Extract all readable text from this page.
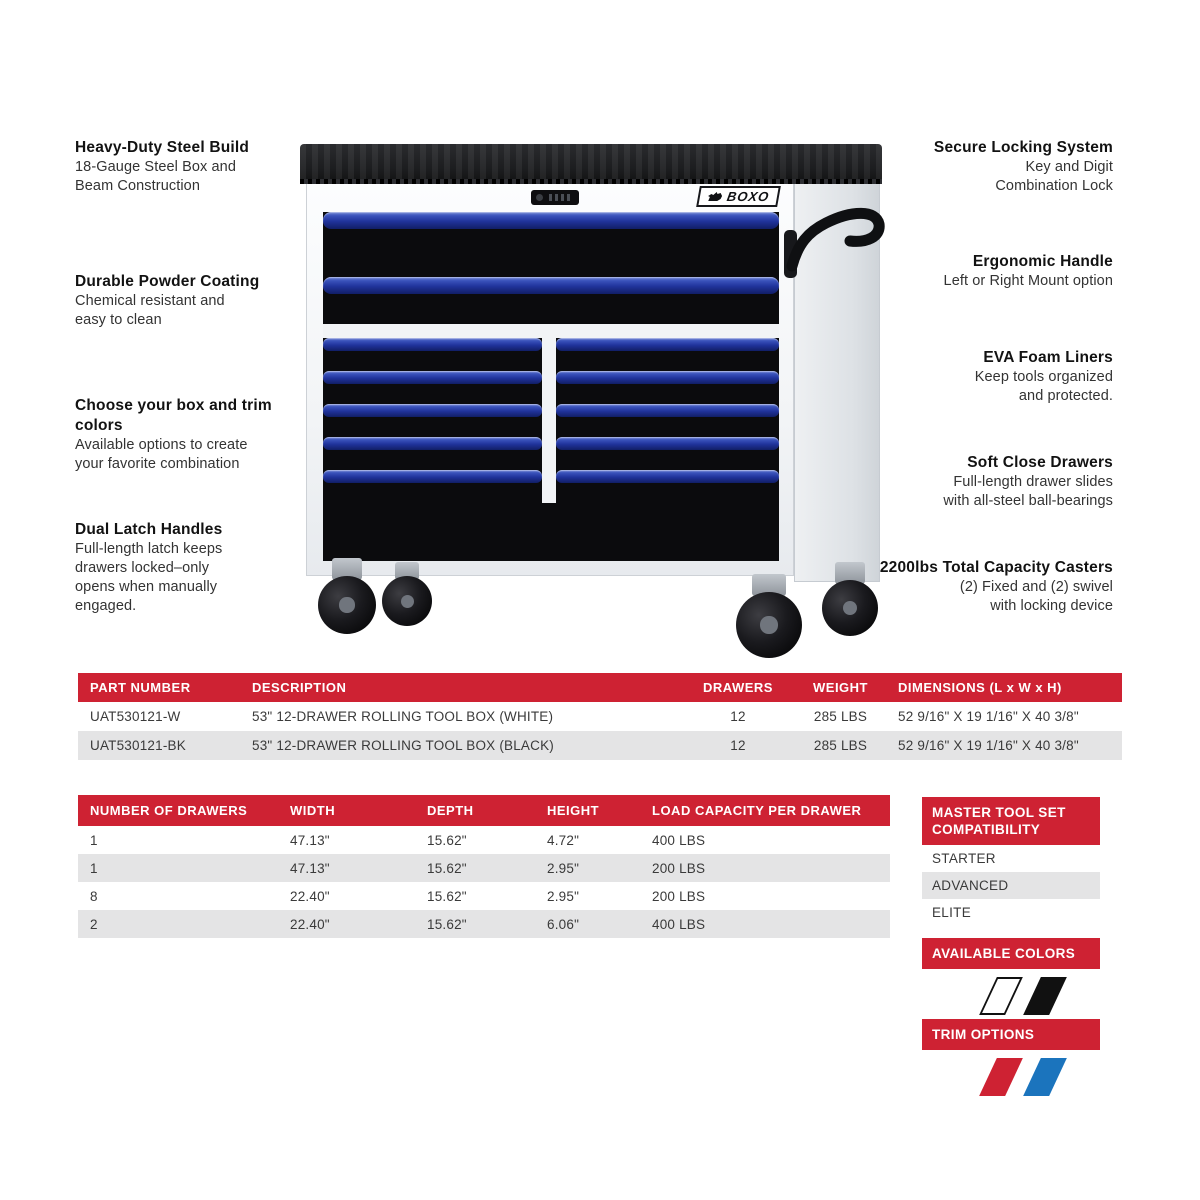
Heavy-Duty Steel Build
18-Gauge Steel Box and
Beam Construction
Durable Powder Coating
Chemical resistant and
easy to clean
Choose your box and trim colors
Available options to create
your favorite combination
Dual Latch Handles
Full-length latch keeps
drawers locked–only
opens when manually
engaged.
Secure Locking System
Key and Digit
Combination Lock
Ergonomic Handle
Left or Right Mount option
EVA Foam Liners
Keep tools organized
and protected.
Soft Close Drawers
Full-length drawer slides
with all-steel ball-bearings
2200lbs Total Capacity Casters
(2) Fixed and (2) swivel
with locking device
BOXO
PART NUMBER	DESCRIPTION	DRAWERS	WEIGHT	DIMENSIONS (L x W x H)
UAT530121-W	53" 12-DRAWER ROLLING TOOL BOX (WHITE)	12	285 LBS	52 9/16" X 19 1/16" X 40 3/8"
UAT530121-BK	53" 12-DRAWER ROLLING TOOL BOX (BLACK)	12	285 LBS	52 9/16" X 19 1/16" X 40 3/8"
NUMBER OF DRAWERS	WIDTH	DEPTH	HEIGHT	LOAD CAPACITY PER DRAWER
1	47.13"	15.62"	4.72"	400 LBS
1	47.13"	15.62"	2.95"	200 LBS
8	22.40"	15.62"	2.95"	200 LBS
2	22.40"	15.62"	6.06"	400 LBS
MASTER TOOL SET COMPATIBILITY
STARTER
ADVANCED
ELITE
AVAILABLE COLORS
TRIM OPTIONS
